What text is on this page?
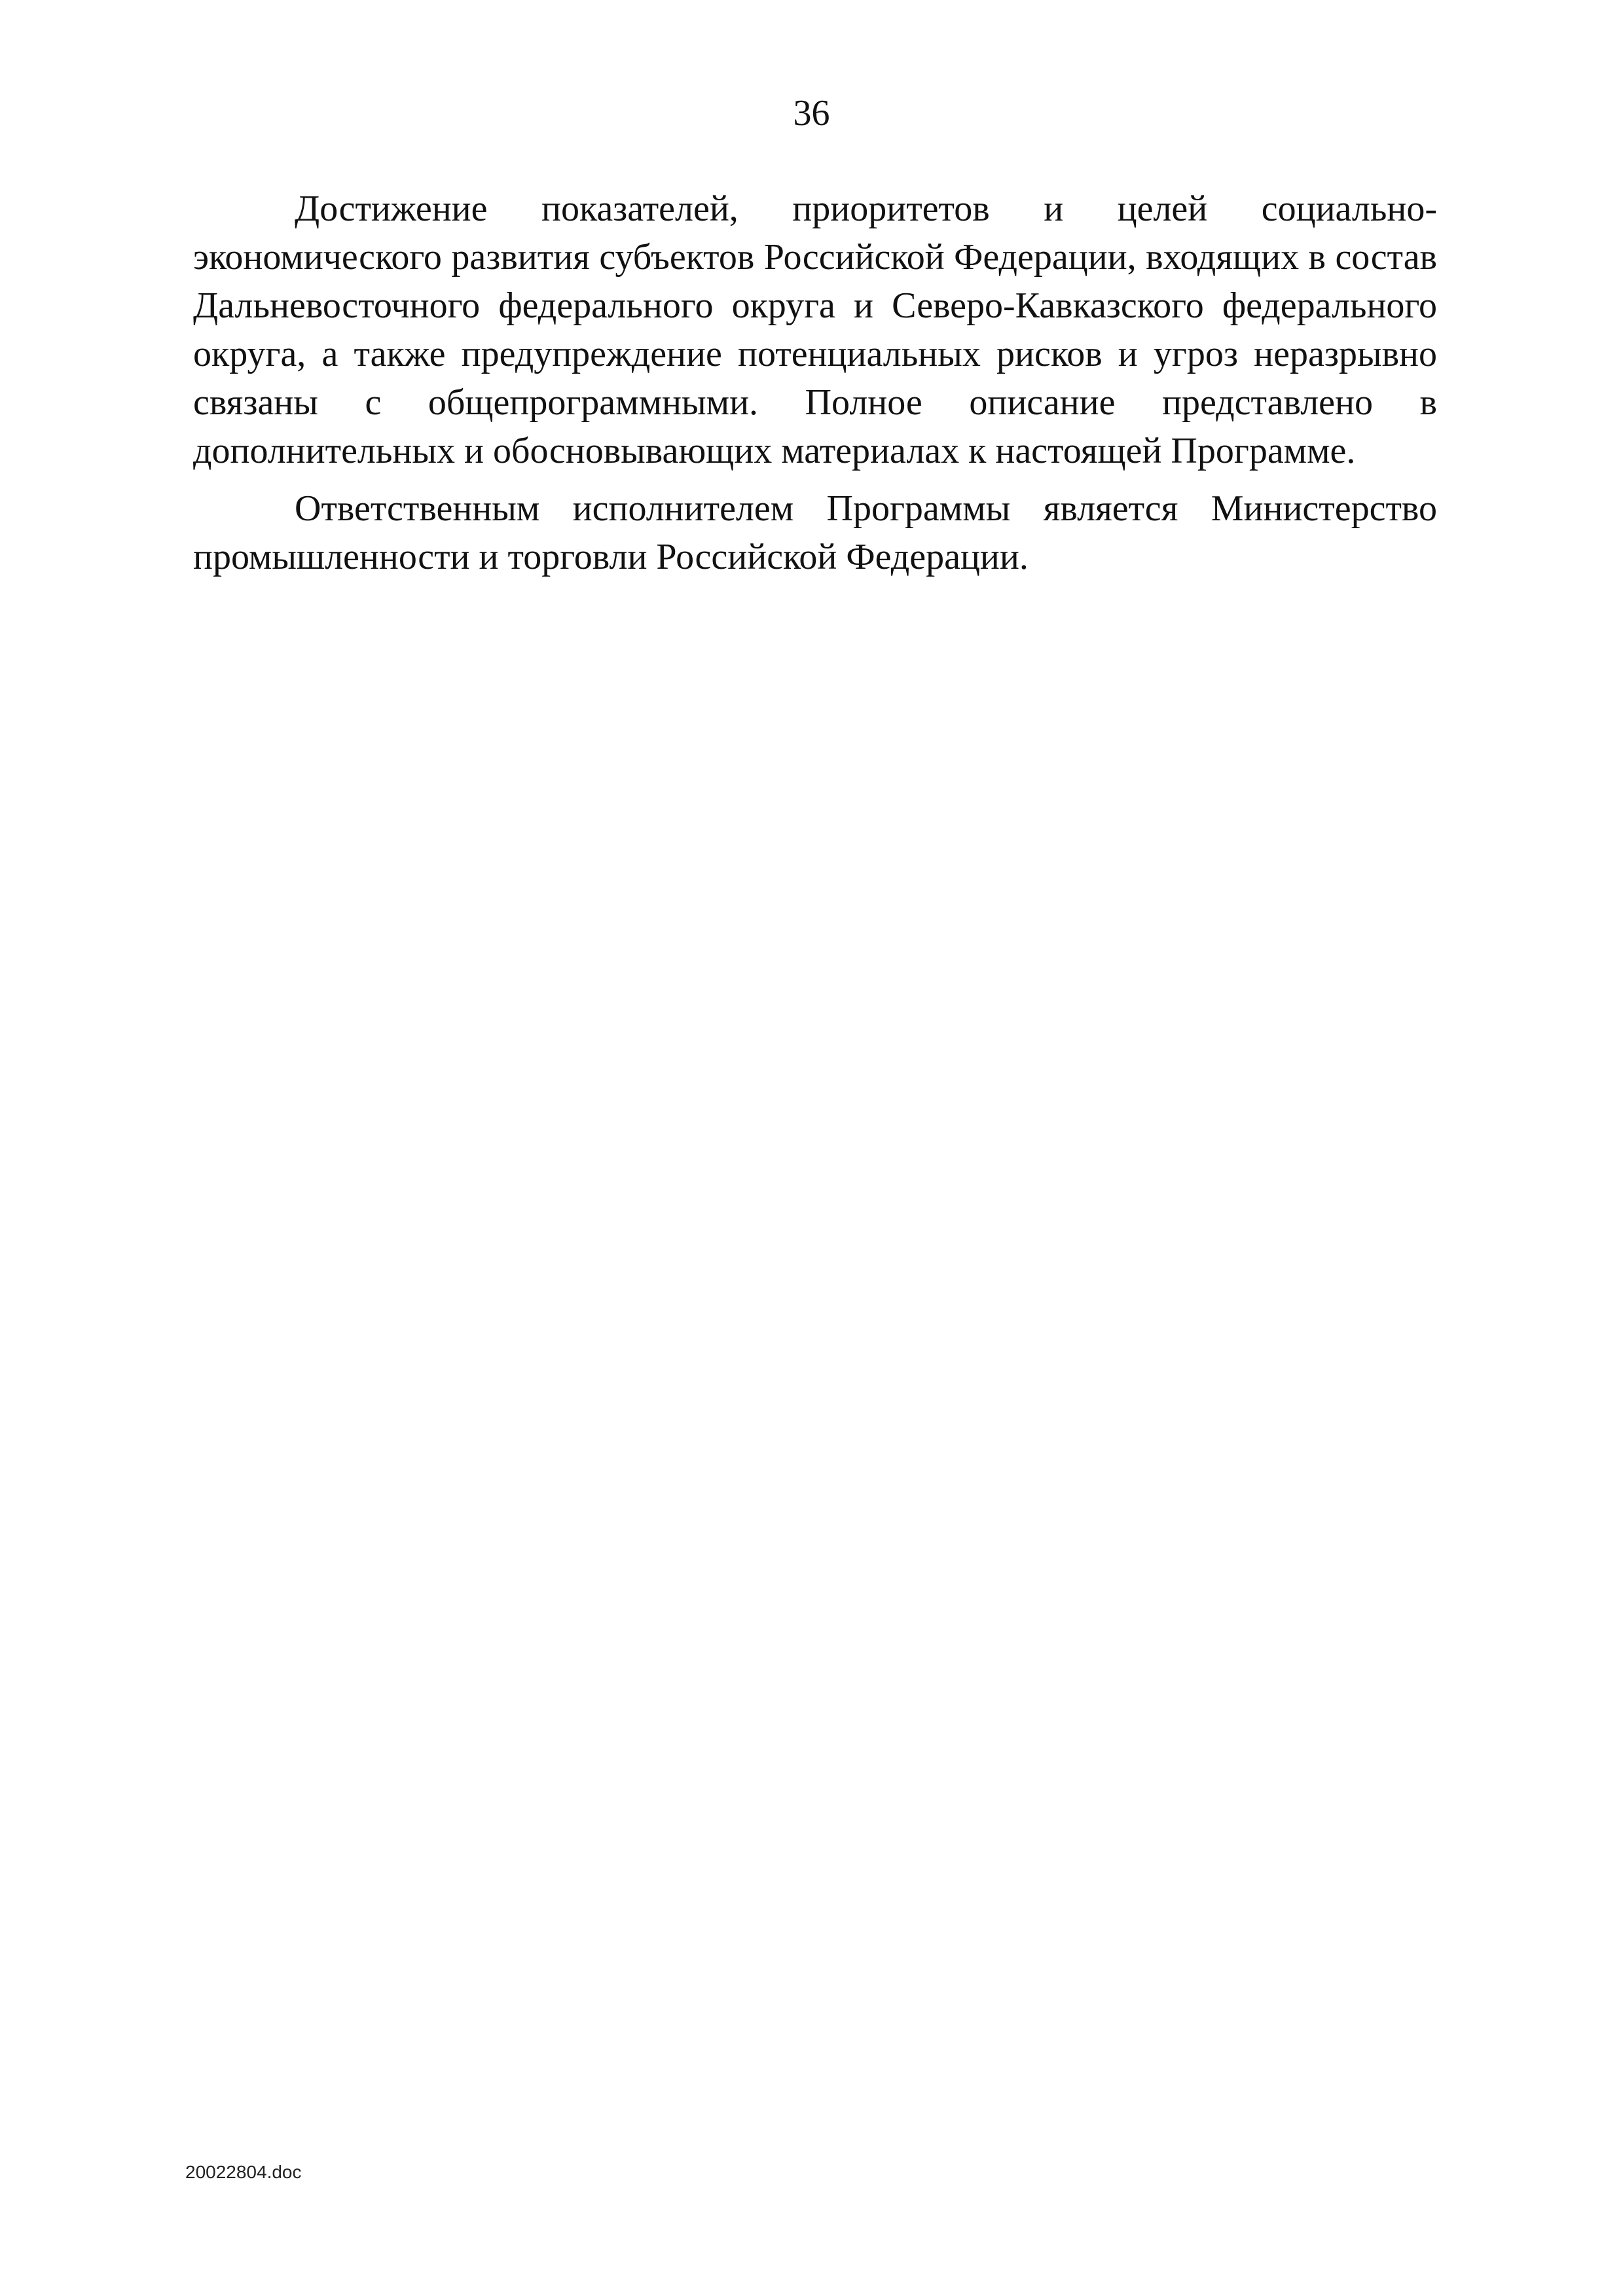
36

Достижение показателей, приоритетов и целей социально-экономического развития субъектов Российской Федерации, входящих в состав Дальневосточного федерального округа и Северо-Кавказского федерального округа, а также предупреждение потенциальных рисков и угроз неразрывно связаны с общепрограммными. Полное описание представлено в дополнительных и обосновывающих материалах к настоящей Программе.

Ответственным исполнителем Программы является Министерство промышленности и торговли Российской Федерации.

20022804.doc
